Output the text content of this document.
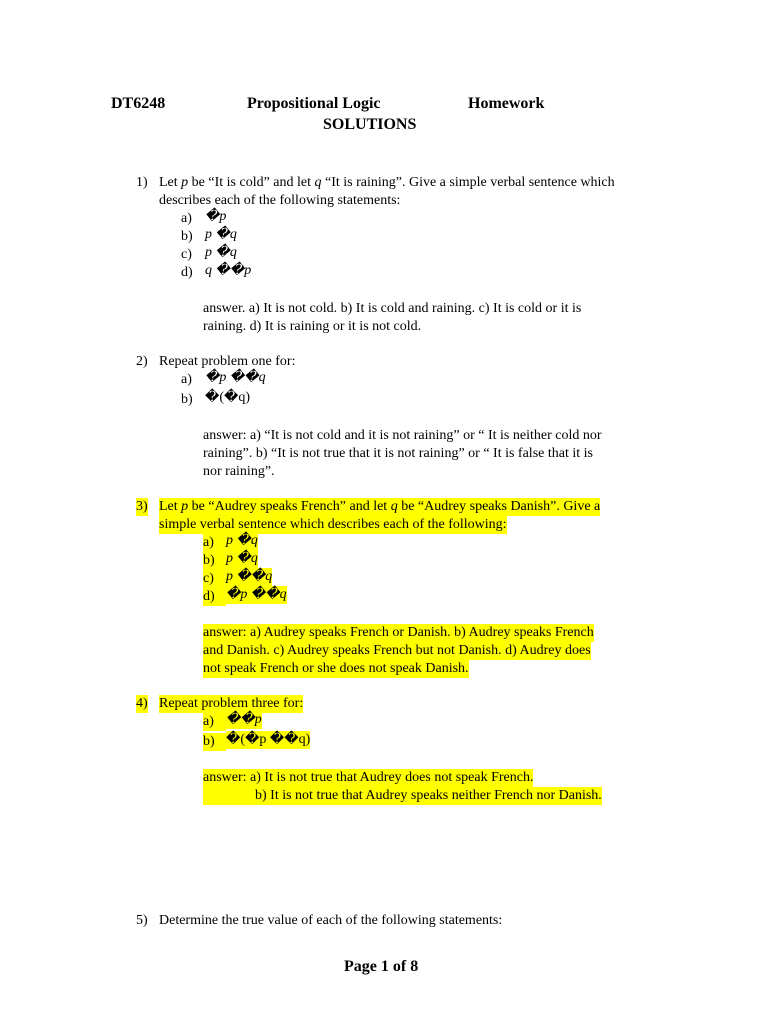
DT6248	Propositional Logic	Homework
SOLUTIONS
1) Let p be “It is cold” and let q “It is raining”. Give a simple verbal sentence which
describes each of the following statements:
a) �p
b) p �q
c) p �q
d) q ��p
answer. a) It is not cold. b) It is cold and raining. c) It is cold or it is
raining. d) It is raining or it is not cold.
2) Repeat problem one for:
a) �p ��q
b) �(�q)
answer: a) “It is not cold and it is not raining” or “ It is neither cold nor
raining”. b) “It is not true that it is not raining” or “ It is false that it is
nor raining”.
3) Let p be “Audrey speaks French” and let q be “Audrey speaks Danish”. Give a
simple verbal sentence which describes each of the following:
a) p �q
b) p �q
c) p ��q
d) �p ��q
answer: a) Audrey speaks French or Danish. b) Audrey speaks French
and Danish. c) Audrey speaks French but not Danish. d) Audrey does
not speak French or she does not speak Danish.
4) Repeat problem three for:
a) ��p
b) �(�p ��q)
answer: a) It is not true that Audrey does not speak French.
b) It is not true that Audrey speaks neither French nor Danish.
5) Determine the true value of each of the following statements:
Page 1 of 8
